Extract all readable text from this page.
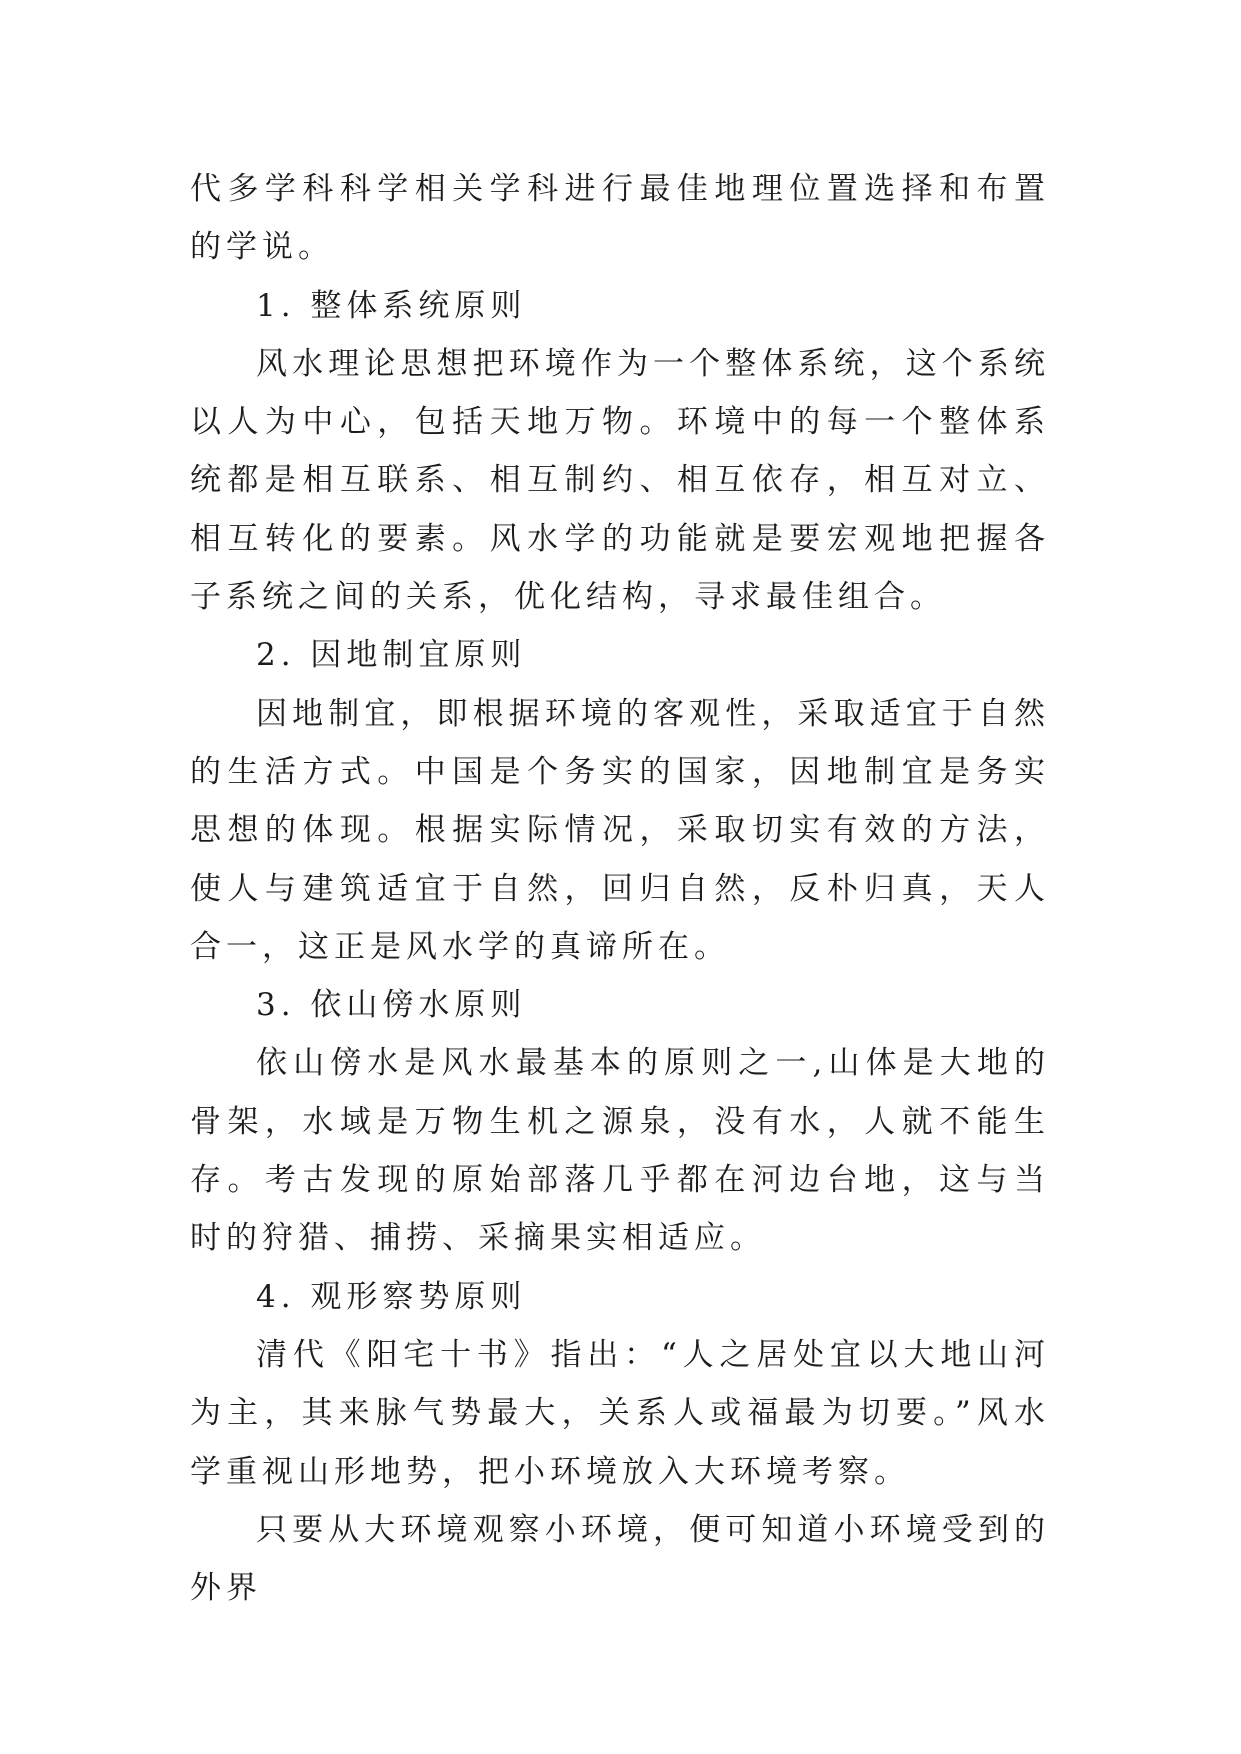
代多学科科学相关学科进行最佳地理位置选择和布置的学说。

1. 整体系统原则

风水理论思想把环境作为一个整体系统，这个系统以人为中心，包括天地万物。环境中的每一个整体系统都是相互联系、相互制约、相互依存，相互对立、相互转化的要素。风水学的功能就是要宏观地把握各子系统之间的关系，优化结构，寻求最佳组合。

2. 因地制宜原则

因地制宜，即根据环境的客观性，采取适宜于自然的生活方式。中国是个务实的国家，因地制宜是务实思想的体现。根据实际情况，采取切实有效的方法，使人与建筑适宜于自然，回归自然，反朴归真，天人合一，这正是风水学的真谛所在。

3. 依山傍水原则

依山傍水是风水最基本的原则之一,山体是大地的骨架，水域是万物生机之源泉，没有水，人就不能生存。考古发现的原始部落几乎都在河边台地，这与当时的狩猎、捕捞、采摘果实相适应。

4. 观形察势原则

清代《阳宅十书》指出：“人之居处宜以大地山河为主，其来脉气势最大，关系人或福最为切要。”风水学重视山形地势，把小环境放入大环境考察。

只要从大环境观察小环境，便可知道小环境受到的外界
